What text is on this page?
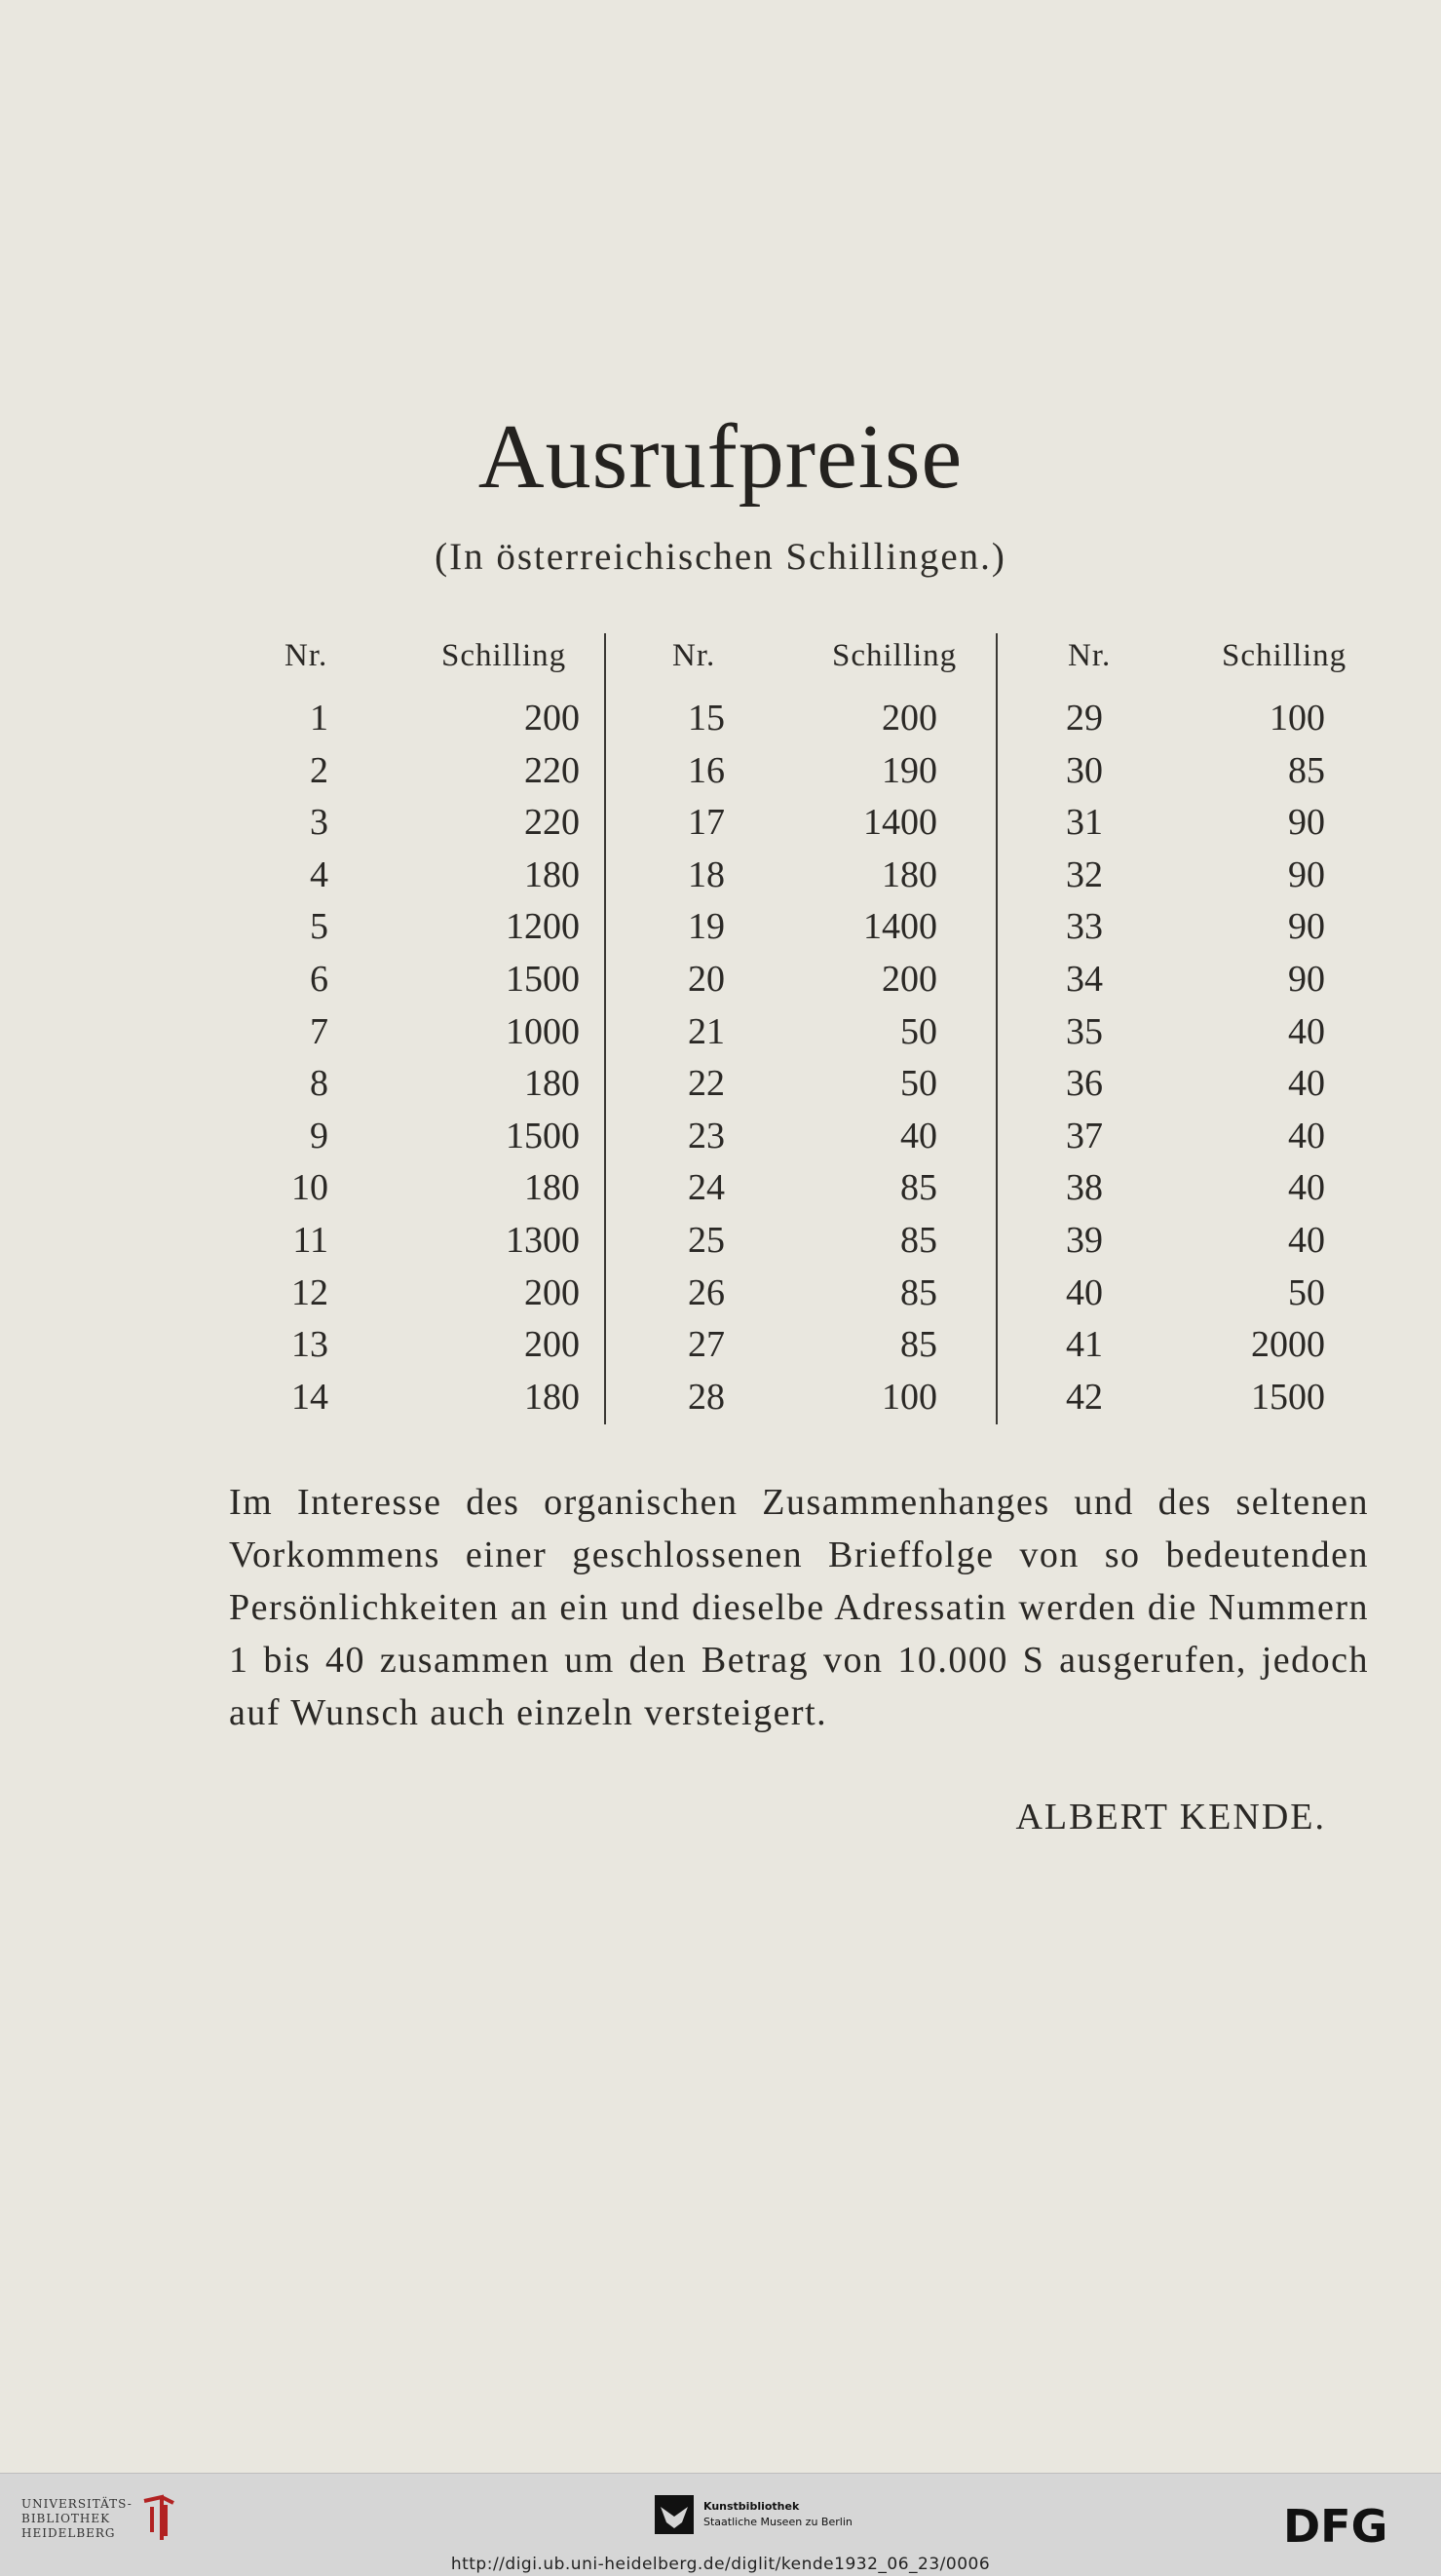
Ausrufpreise
(In österreichischen Schillingen.)
Nr.	Schilling
1	200
2	220
3	220
4	180
5	1200
6	1500
7	1000
8	180
9	1500
10	180
11	1300
12	200
13	200
14	180
Nr.	Schilling
15	200
16	190
17	1400
18	180
19	1400
20	200
21	50
22	50
23	40
24	85
25	85
26	85
27	85
28	100
Nr.	Schilling
29	100
30	85
31	90
32	90
33	90
34	90
35	40
36	40
37	40
38	40
39	40
40	50
41	2000
42	1500
Im Interesse des organischen Zusammenhanges und des seltenen Vorkommens einer geschlossenen Brieffolge von so bedeutenden Persönlichkeiten an ein und dieselbe Adressatin werden die Nummern 1 bis 40 zusammen um den Betrag von 10.000 S ausgerufen, jedoch auf Wunsch auch einzeln versteigert.
ALBERT KENDE.
UNIVERSITÄTS-
BIBLIOTHEK
HEIDELBERG
Kunstbibliothek
Staatliche Museen zu Berlin	DFG
http://digi.ub.uni-heidelberg.de/diglit/kende1932_06_23/0006
